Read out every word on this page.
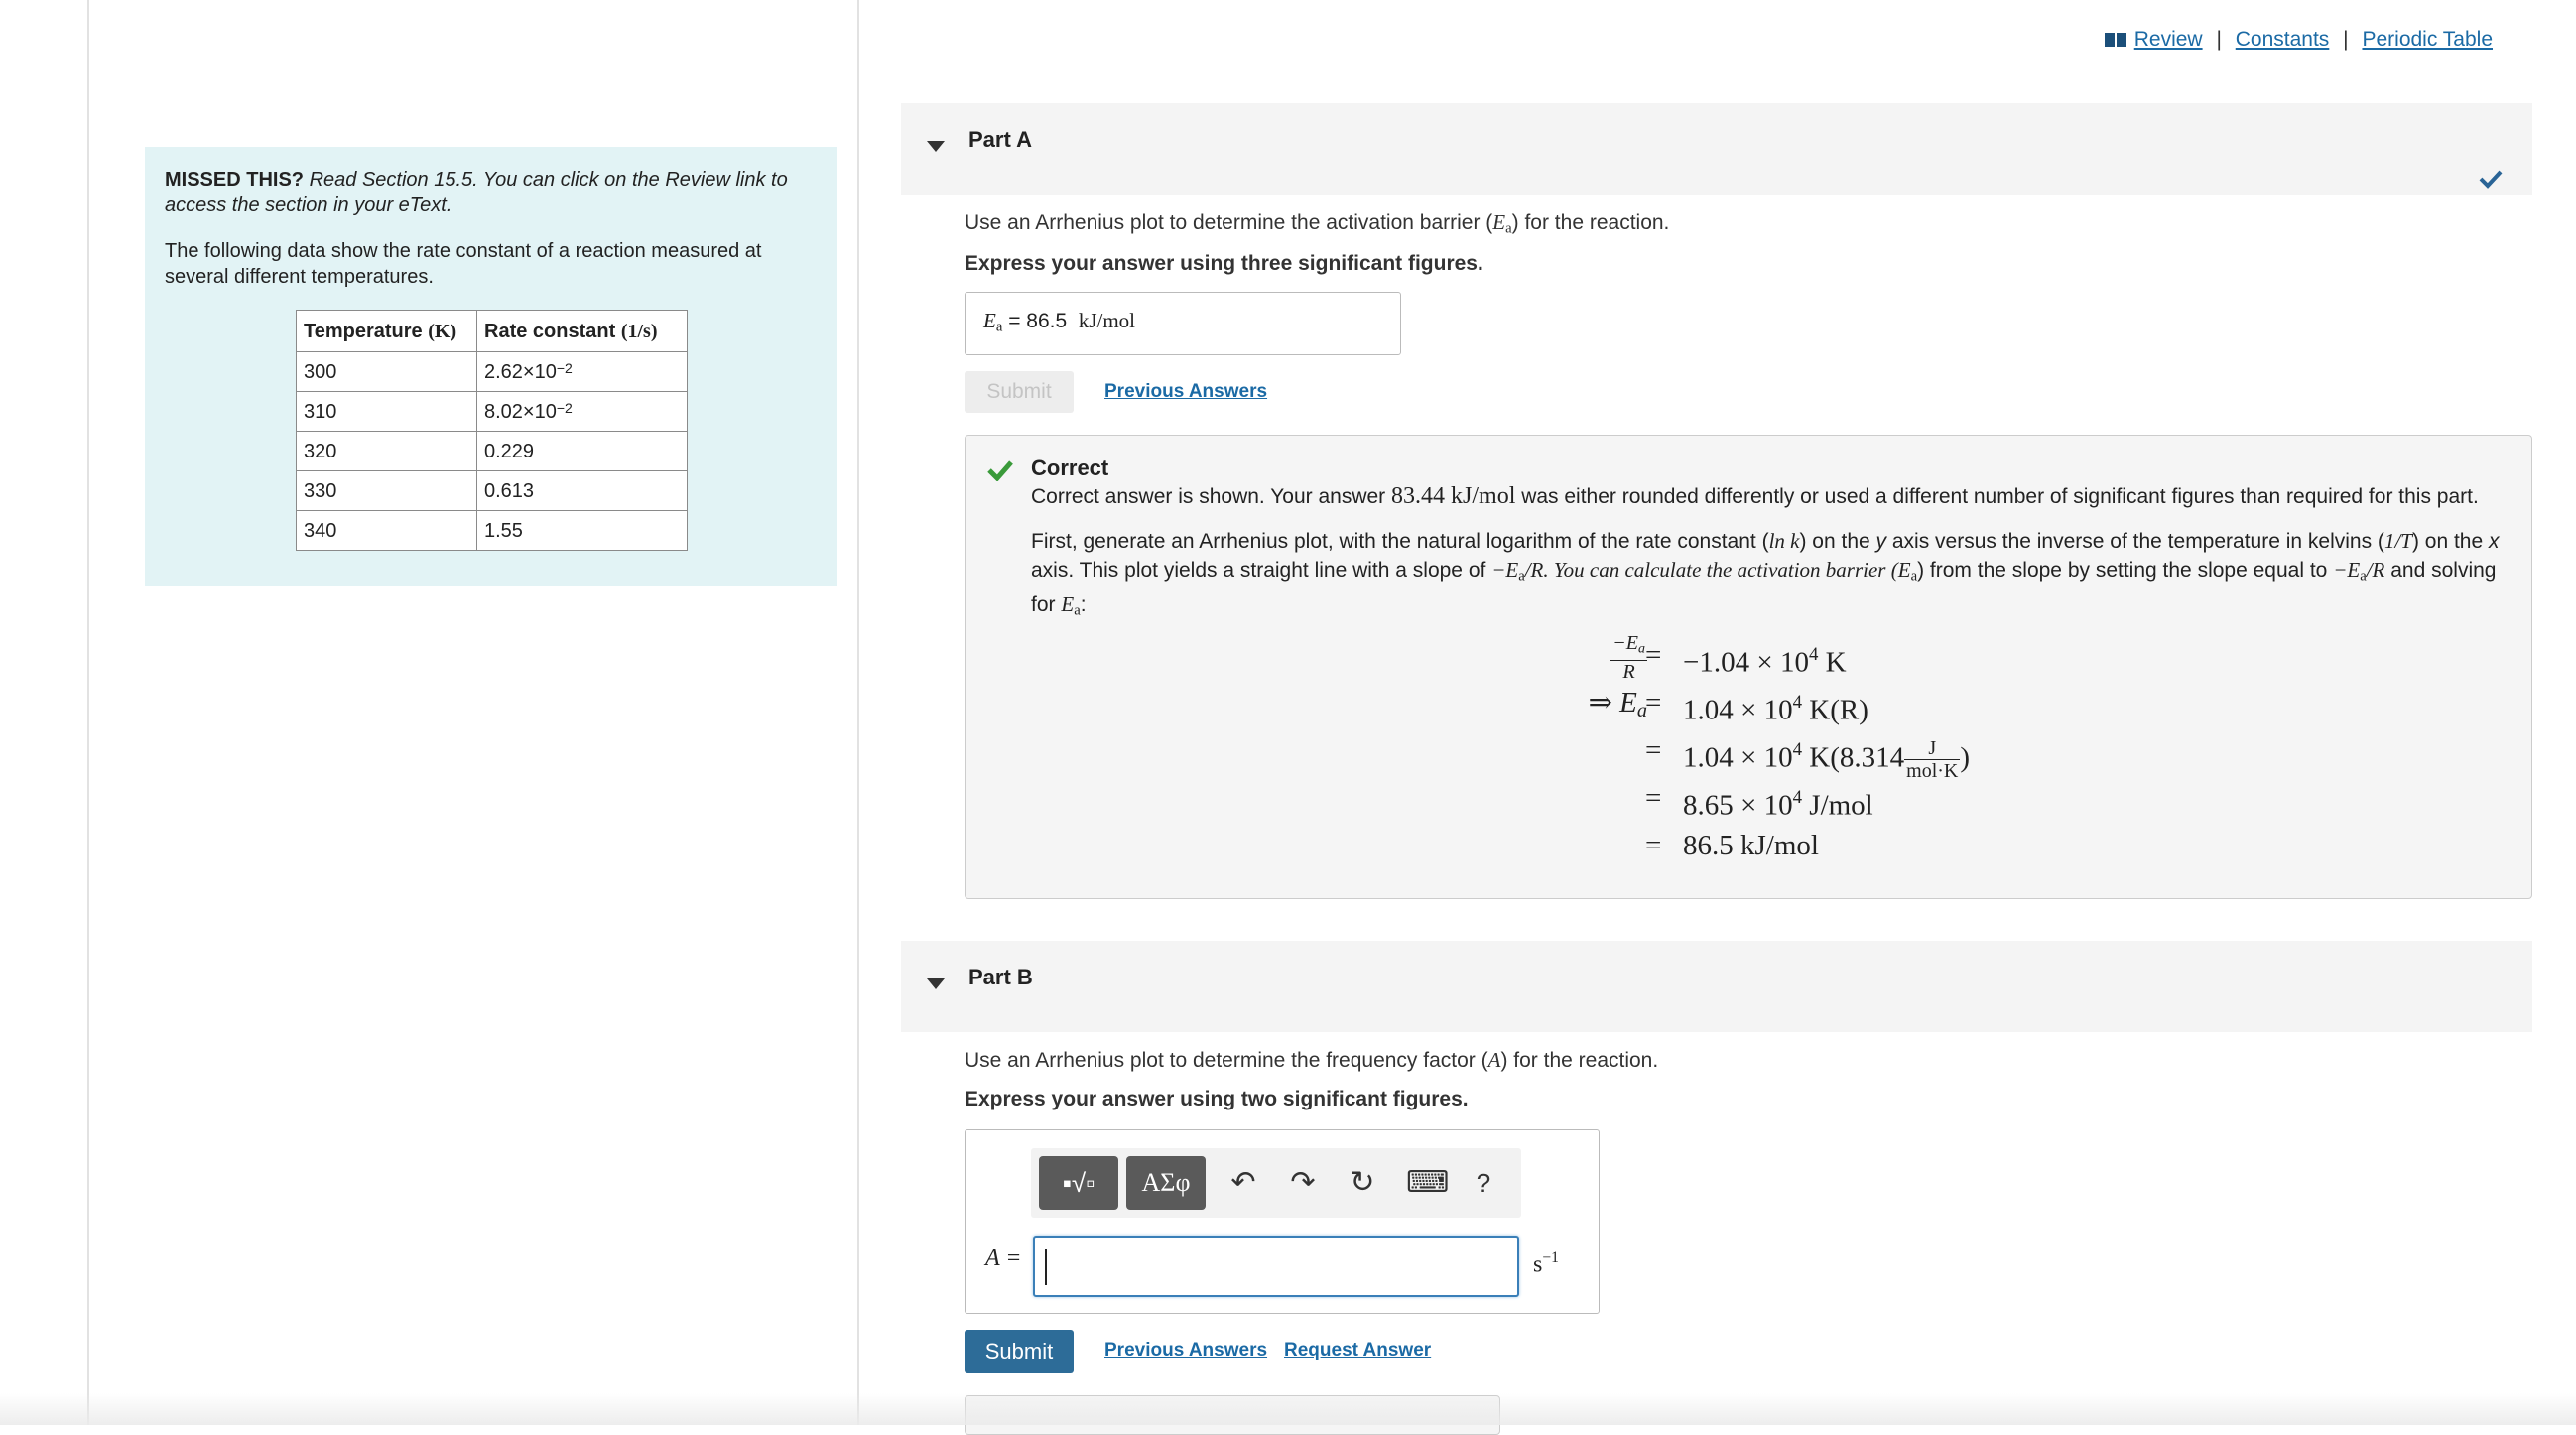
MISSED THIS? Read Section 15.5. You can click on the Review link to access the section in your eText.

The following data show the rate constant of a reaction measured at several different temperatures.

Temperature (K)	Rate constant (1/s)
300	$2.62\times 10^{-2}$
310	$8.02\times 10^{-2}$
320	0.229
330	0.613
340	1.55
Review | Constants | Periodic Table
Part A
Use an Arrhenius plot to determine the activation barrier $(E_a)$ for the reaction.
Express your answer using three significant figures.
$E_a = 86.5$ kJ/mol
Submit	Previous Answers
Correct
Correct answer is shown. Your answer 83.44 kJ/mol was either rounded differently or used a different number of significant figures than required for this part.
First, generate an Arrhenius plot, with the natural logarithm of the rate constant (ln k) on the y axis versus the inverse of the temperature in kelvins (1/T) on the x axis. This plot yields a straight line with a slope of $-E_a/R$. You can calculate the activation barrier $(E_a)$ from the slope by setting the slope equal to $-E_a/R$ and solving for $E_a$:
$\frac{-E_a}{R}$
= $-1.04 \times 10^4$ K
⇒ $E_a$
= $1.04 \times 10^4$ K(R)
= $1.04 \times 10^4$ $K(8.314 \frac{J}{\text{mol·K}}$ )
= $8.65 \times 10^4$ J/mol
= 86.5 kJ/mol
Part B
Use an Arrhenius plot to determine the frequency factor (A) for the reaction.
Express your answer using two significant figures.
▪√▫	ΑΣφ	↶ ↷ ↻ ⌨	?
A =	$s^{-1}$
Submit	Previous Answers Request Answer
